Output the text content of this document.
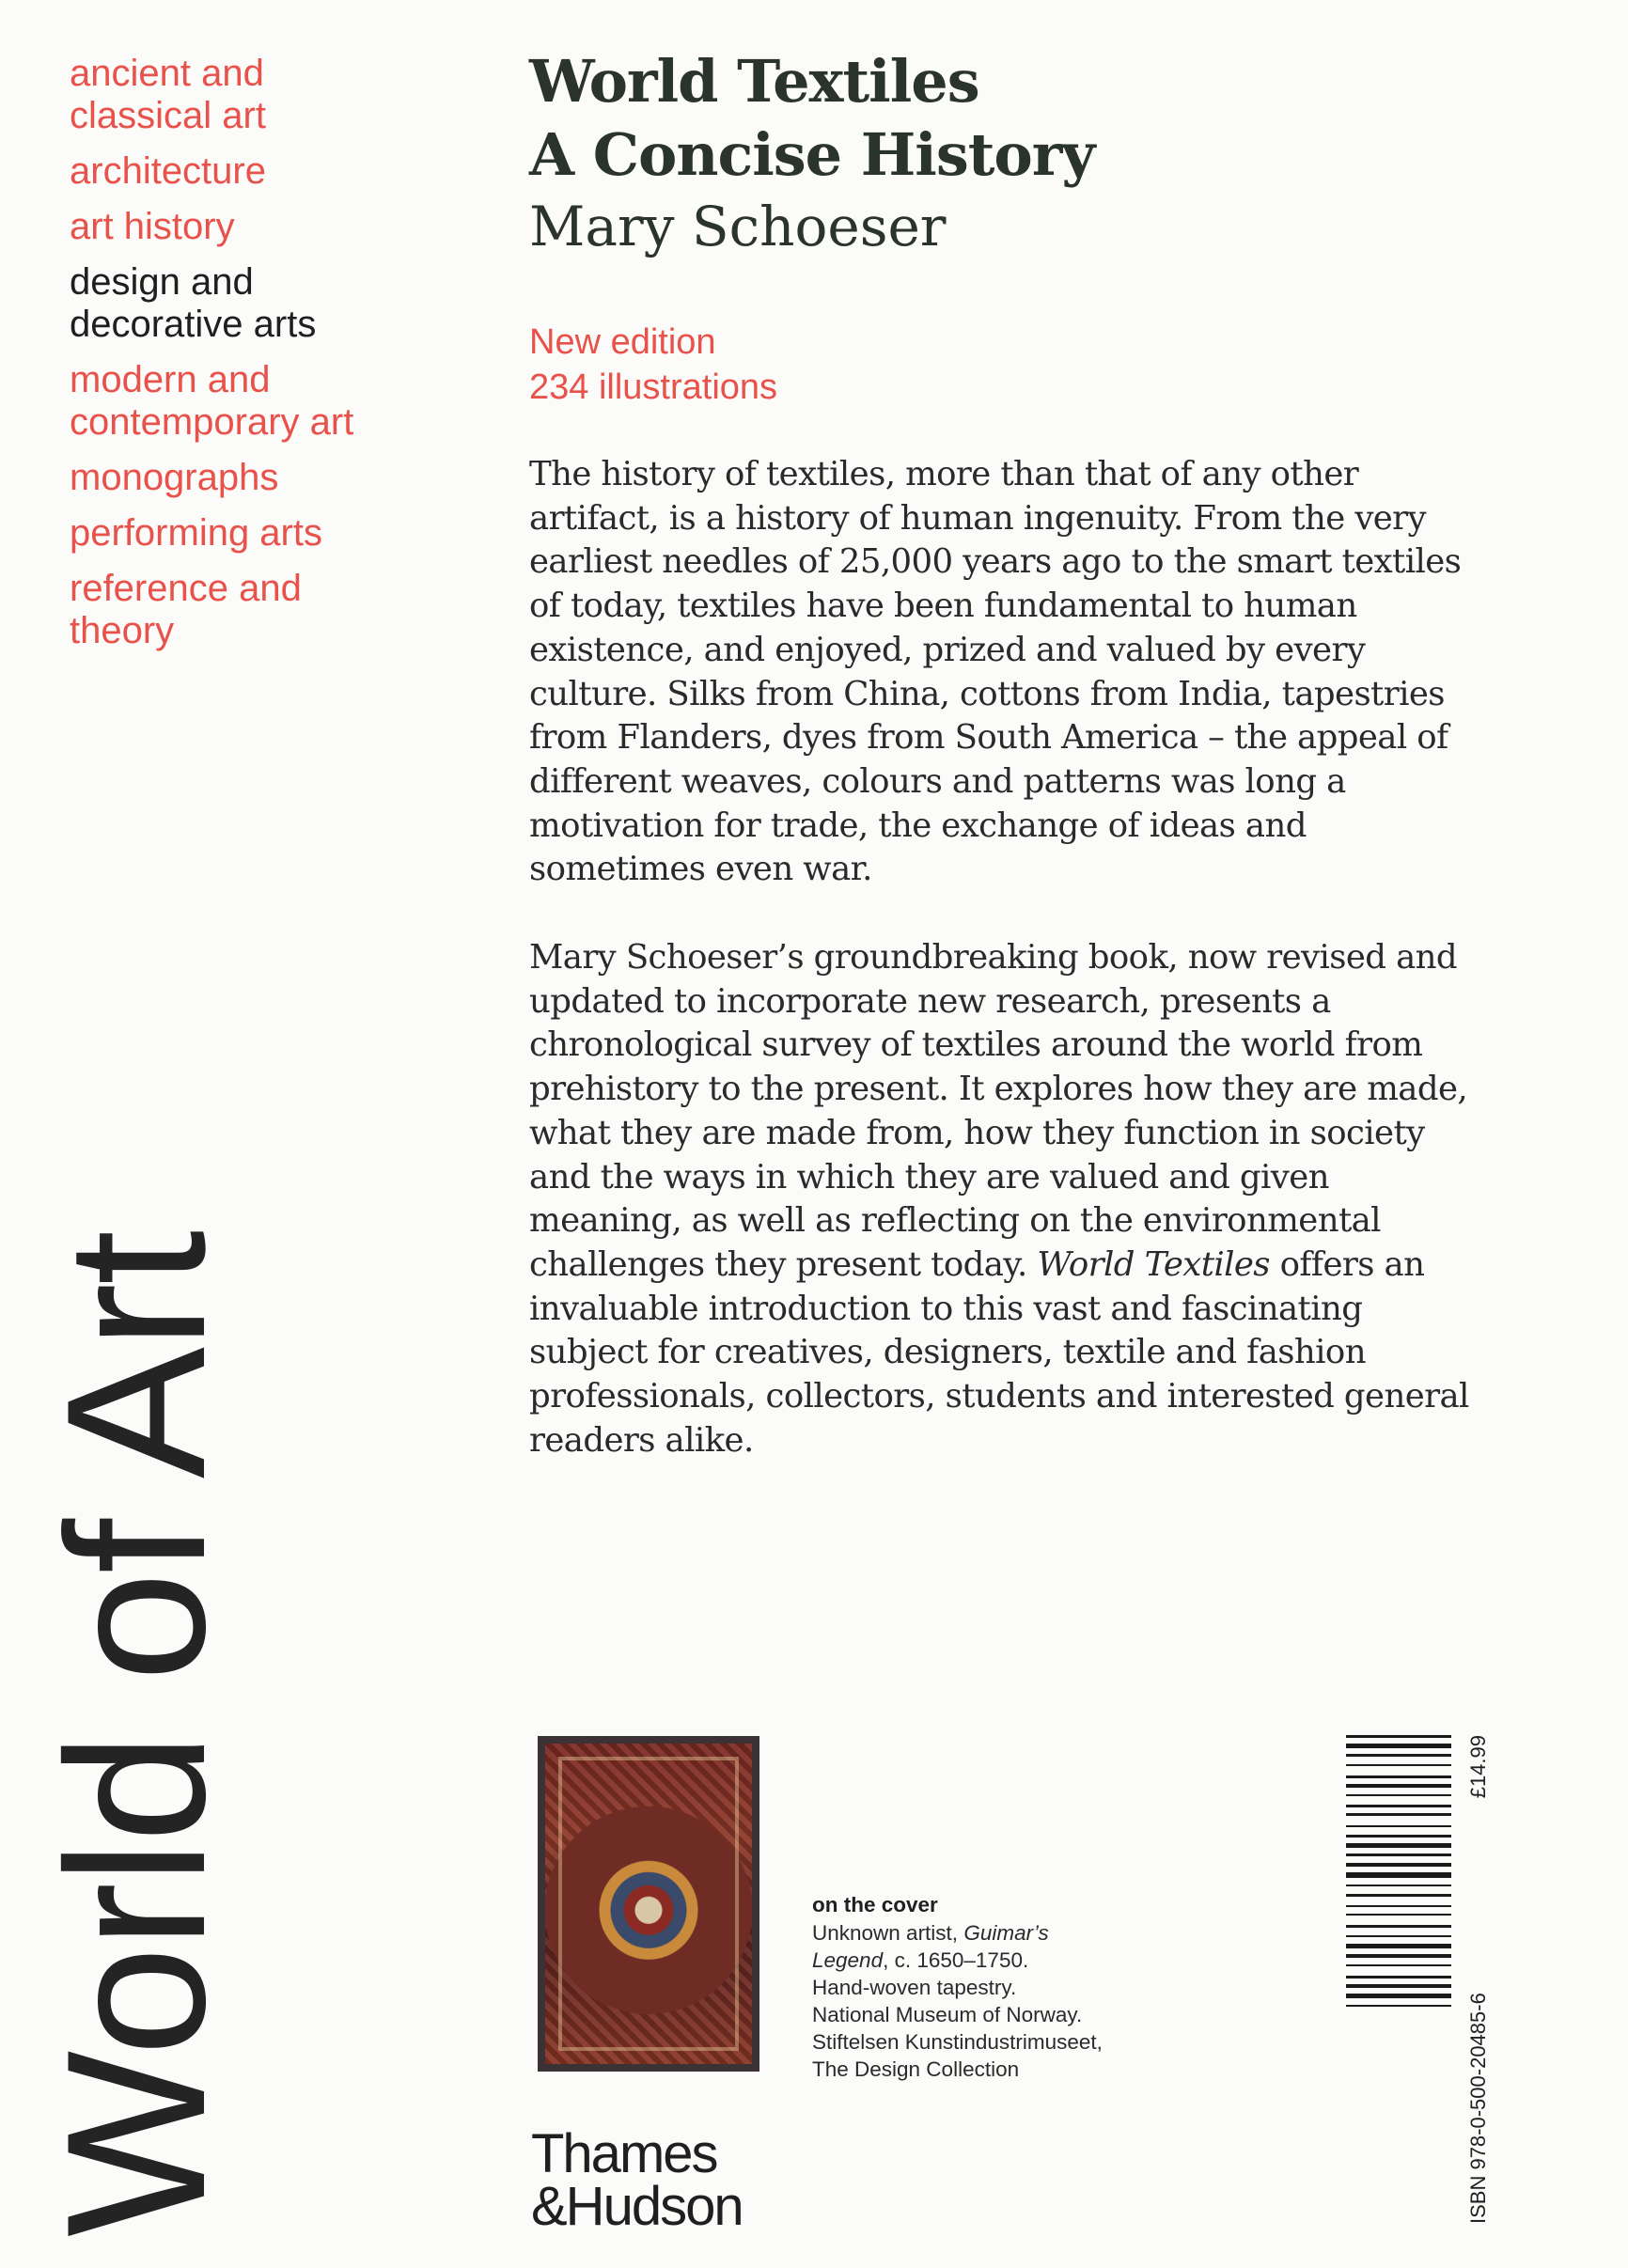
ancient and
classical art
architecture
art history
design and
decorative arts
modern and
contemporary art
monographs
performing arts
reference and
theory
World of Art
World Textiles
A Concise History
Mary Schoeser
New edition
234 illustrations

The history of textiles, more than that of any other artifact, is a history of human ingenuity. From the very earliest needles of 25,000 years ago to the smart textiles of today, textiles have been fundamental to human existence, and enjoyed, prized and valued by every culture. Silks from China, cottons from India, tapestries from Flanders, dyes from South America – the appeal of different weaves, colours and patterns was long a motivation for trade, the exchange of ideas and sometimes even war.

Mary Schoeser’s groundbreaking book, now revised and updated to incorporate new research, presents a chronological survey of textiles around the world from prehistory to the present. It explores how they are made, what they are made from, how they function in society and the ways in which they are valued and given meaning, as well as reflecting on the environmental challenges they present today. World Textiles offers an invaluable introduction to this vast and fascinating subject for creatives, designers, textile and fashion professionals, collectors, students and interested general readers alike.

on the cover
Unknown artist, Guimar’s
Legend, c. 1650–1750.
Hand-woven tapestry.
National Museum of Norway.
Stiftelsen Kunstindustrimuseet,
The Design Collection
Thames
&Hudson	ISBN 978-0-500-20485-6
£14.99
